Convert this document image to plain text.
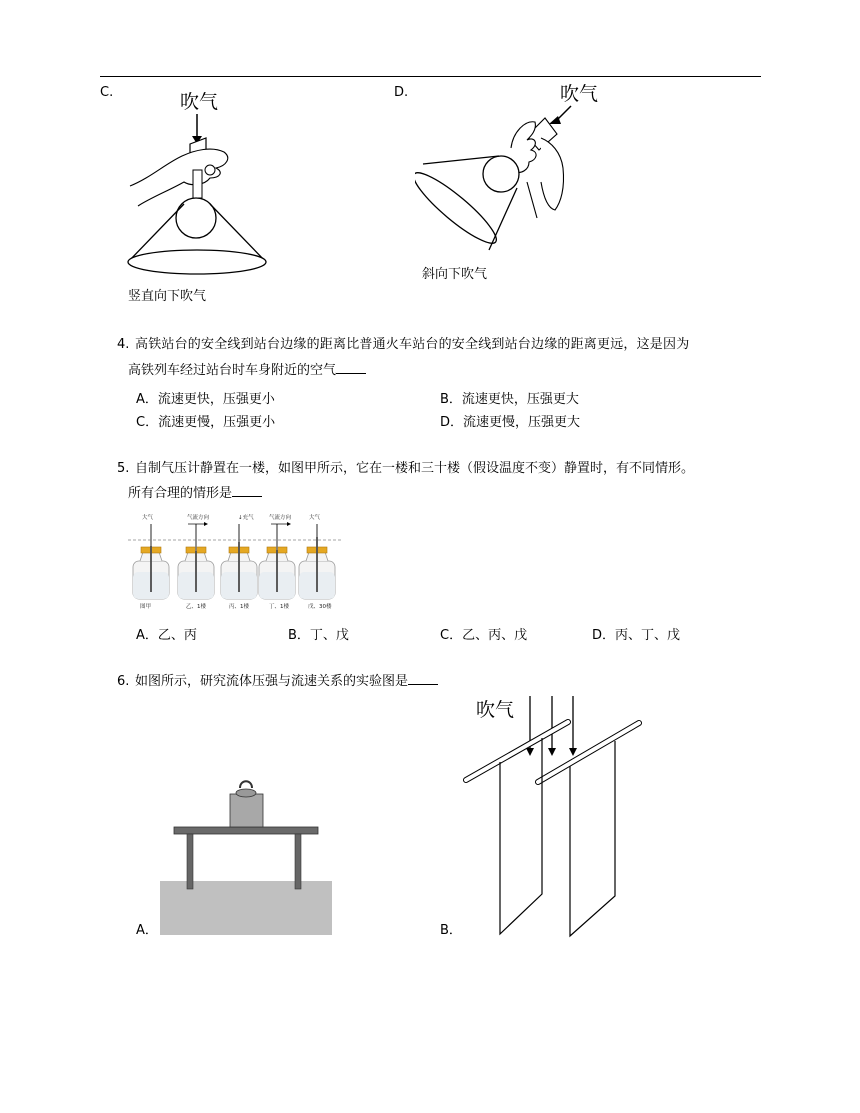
C.	吹气
竖直向下吹气
D.	吹气
斜向下吹气
4. 高铁站台的安全线到站台边缘的距离比普通火车站台的安全线到站台边缘的距离更远，这是因为
高铁列车经过站台时车身附近的空气
A．流速更快，压强更小	B．流速更快，压强更大
C．流速更慢，压强更小	D．流速更慢，压强更大
5. 自制气压计静置在一楼，如图甲所示，它在一楼和三十楼（假设温度不变）静置时，有不同情形。
所有合理的情形是
大气	气流方向	↓充气	气流方向	大气
图甲	乙、1楼	丙、1楼	丁、1楼	戊、30楼
A．乙、丙	B．丁、戊	C．乙、丙、戊	D．丙、丁、戊
6. 如图所示，研究流体压强与流速关系的实验图是
A．	B．
吹气
